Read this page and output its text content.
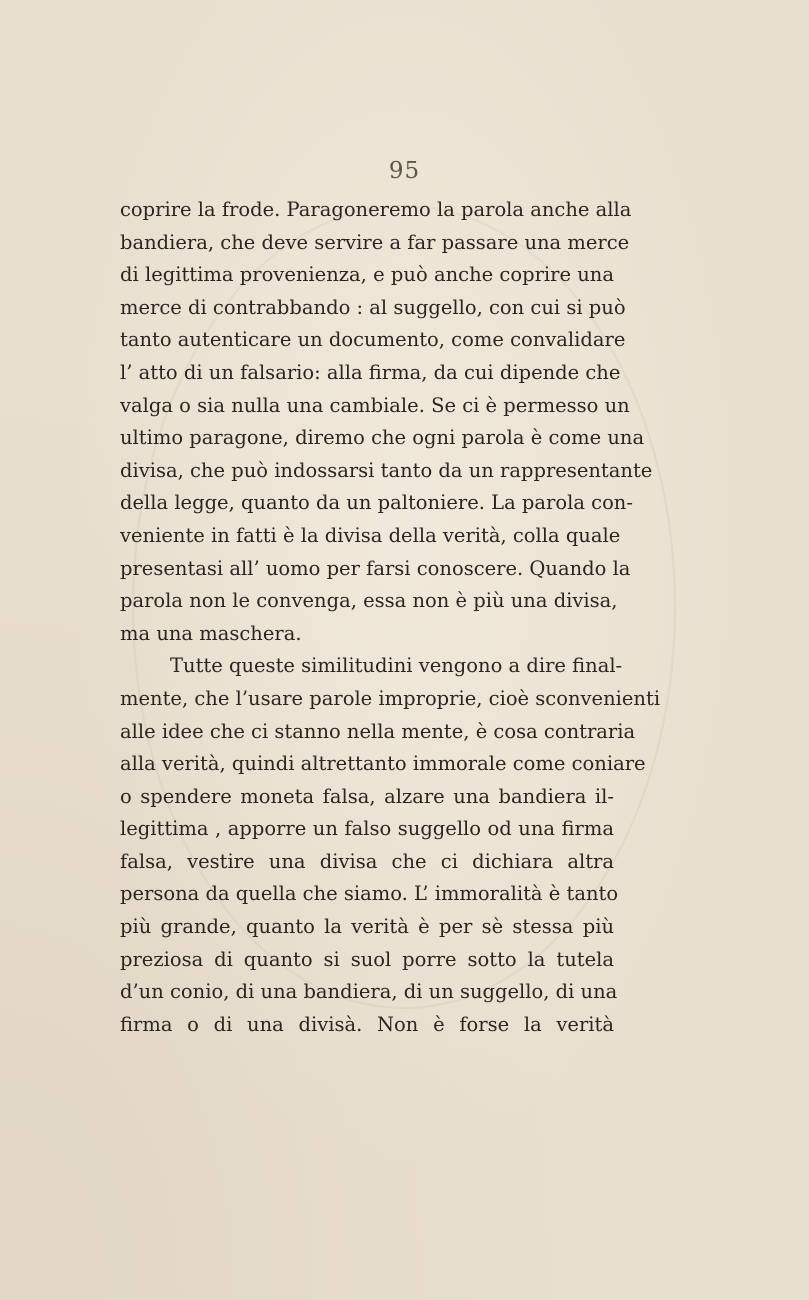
95
coprire la frode. Paragoneremo la parola anche alla
bandiera, che deve servire a far passare una merce
di legittima provenienza, e può anche coprire una
merce di contrabbando : al suggello, con cui si può
tanto autenticare un documento, come convalidare
l’ atto di un falsario: alla firma, da cui dipende che
valga o sia nulla una cambiale. Se ci è permesso un
ultimo paragone, diremo che ogni parola è come una
divisa, che può indossarsi tanto da un rappresentante
della legge, quanto da un paltoniere. La parola con-
veniente in fatti è la divisa della verità, colla quale
presentasi all’ uomo per farsi conoscere. Quando la
parola non le convenga, essa non è più una divisa,
ma una maschera.
Tutte queste similitudini vengono a dire final-
mente, che l’usare parole improprie, cioè sconvenienti
alle idee che ci stanno nella mente, è cosa contraria
alla verità, quindi altrettanto immorale come coniare
o spendere moneta falsa, alzare una bandiera il-
legittima , apporre un falso suggello od una firma
falsa, vestire una divisa che ci dichiara altra
persona da quella che siamo. L’ immoralità è tanto
più grande, quanto la verità è per sè stessa più
preziosa di quanto si suol porre sotto la tutela
d’un conio, di una bandiera, di un suggello, di una
firma o di una divisà. Non è forse la verità
